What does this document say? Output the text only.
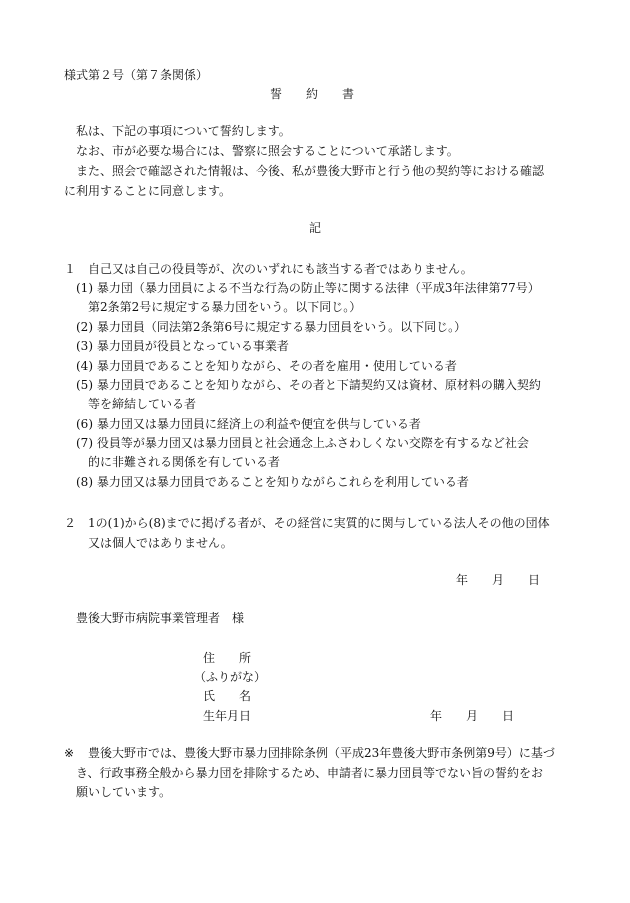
様式第２号（第７条関係）
誓　　約　　書
私は、下記の事項について誓約します。
なお、市が必要な場合には、警察に照会することについて承諾します。
また、照会で確認された情報は、今後、私が豊後大野市と行う他の契約等における確認
に利用することに同意します。
記
１　自己又は自己の役員等が、次のいずれにも該当する者ではありません。
(1) 暴力団（暴力団員による不当な行為の防止等に関する法律（平成3年法律第77号）
第2条第2号に規定する暴力団をいう。以下同じ。）
(2) 暴力団員（同法第2条第6号に規定する暴力団員をいう。以下同じ。）
(3) 暴力団員が役員となっている事業者
(4) 暴力団員であることを知りながら、その者を雇用・使用している者
(5) 暴力団員であることを知りながら、その者と下請契約又は資材、原材料の購入契約
等を締結している者
(6) 暴力団又は暴力団員に経済上の利益や便宜を供与している者
(7) 役員等が暴力団又は暴力団員と社会通念上ふさわしくない交際を有するなど社会
的に非難される関係を有している者
(8) 暴力団又は暴力団員であることを知りながらこれらを利用している者
２　1の(1)から(8)までに掲げる者が、その経営に実質的に関与している法人その他の団体
又は個人ではありません。
年　　月　　日
豊後大野市病院事業管理者　様
住　　所
（ふりがな）
氏　　名
生年月日	年　　月　　日
※ 豊後大野市では、豊後大野市暴力団排除条例（平成23年豊後大野市条例第9号）に基づ
き、行政事務全般から暴力団を排除するため、申請者に暴力団員等でない旨の誓約をお
願いしています。
